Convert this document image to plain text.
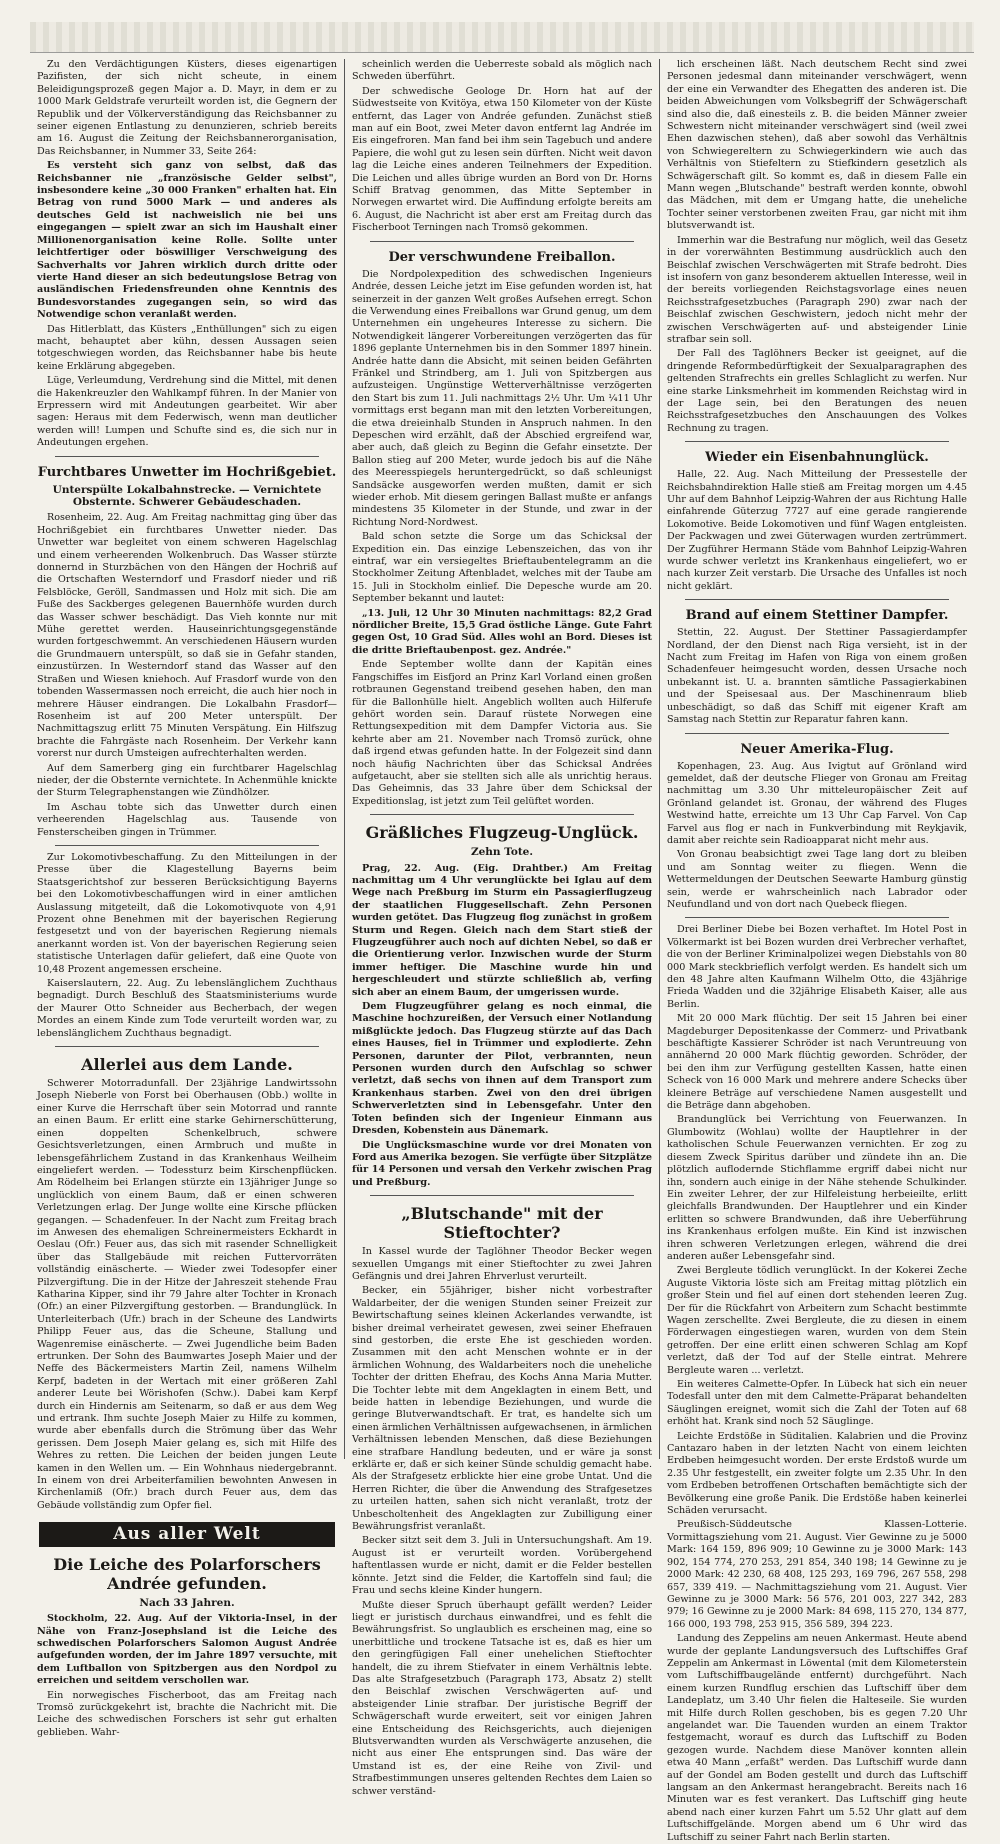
Zu den Verdächtigungen Küsters, dieses eigenartigen Pazifisten, der sich nicht scheute, in einem Beleidigungsprozeß gegen Major a. D. Mayr, in dem er zu 1000 Mark Geldstrafe verurteilt worden ist, die Gegnern der Republik und der Völkerverständigung das Reichsbanner zu seiner eigenen Entlastung zu denunzieren, schrieb bereits am 16. August die Zeitung der Reichsbannerorganisation, Das Reichsbanner, in Nummer 33, Seite 264:

Es versteht sich ganz von selbst, daß das Reichsbanner nie „französische Gelder selbst", insbesondere keine „30 000 Franken" erhalten hat. Ein Betrag von rund 5000 Mark — und anderes als deutsches Geld ist nachweislich nie bei uns eingegangen — spielt zwar an sich im Haushalt einer Millionenorganisation keine Rolle. Sollte unter leichtfertiger oder böswilliger Verschweigung des Sachverhalts vor Jahren wirklich durch dritte oder vierte Hand dieser an sich bedeutungslose Betrag von ausländischen Friedensfreunden ohne Kenntnis des Bundesvorstandes zugegangen sein, so wird das Notwendige schon veranlaßt werden.

Das Hitlerblatt, das Küsters „Enthüllungen" sich zu eigen macht, behauptet aber kühn, dessen Aussagen seien totgeschwiegen worden, das Reichsbanner habe bis heute keine Erklärung abgegeben.

Lüge, Verleumdung, Verdrehung sind die Mittel, mit denen die Hakenkreuzler den Wahlkampf führen. In der Manier von Erpressern wird mit Andeutungen gearbeitet. Wir aber sagen: Heraus mit dem Federwisch, wenn man deutlicher werden will! Lumpen und Schufte sind es, die sich nur in Andeutungen ergehen.

Furchtbares Unwetter im Hochrißgebiet.
Unterspülte Lokalbahnstrecke. — Vernichtete Obsternte. Schwerer Gebäudeschaden.

Rosenheim, 22. Aug. Am Freitag nachmittag ging über das Hochrißgebiet ein furchtbares Unwetter nieder. Das Unwetter war begleitet von einem schweren Hagelschlag und einem verheerenden Wolkenbruch. Das Wasser stürzte donnernd in Sturzbächen von den Hängen der Hochriß auf die Ortschaften Westerndorf und Frasdorf nieder und riß Felsblöcke, Geröll, Sandmassen und Holz mit sich. Die am Fuße des Sackberges gelegenen Bauernhöfe wurden durch das Wasser schwer beschädigt. Das Vieh konnte nur mit Mühe gerettet werden. Hauseinrichtungsgegenstände wurden fortgeschwemmt. An verschiedenen Häusern wurden die Grundmauern unterspült, so daß sie in Gefahr standen, einzustürzen. In Westerndorf stand das Wasser auf den Straßen und Wiesen kniehoch. Auf Frasdorf wurde von den tobenden Wassermassen noch erreicht, die auch hier noch in mehrere Häuser eindrangen. Die Lokalbahn Frasdorf—Rosenheim ist auf 200 Meter unterspült. Der Nachmittagszug erlitt 75 Minuten Verspätung. Ein Hilfszug brachte die Fahrgäste nach Rosenheim. Der Verkehr kann vorerst nur durch Umsteigen aufrechterhalten werden.

Auf dem Samerberg ging ein furchtbarer Hagelschlag nieder, der die Obsternte vernichtete. In Achenmühle knickte der Sturm Telegraphenstangen wie Zündhölzer.

Im Aschau tobte sich das Unwetter durch einen verheerenden Hagelschlag aus. Tausende von Fensterscheiben gingen in Trümmer.

Zur Lokomotivbeschaffung. Zu den Mitteilungen in der Presse über die Klagestellung Bayerns beim Staatsgerichtshof zur besseren Berücksichtigung Bayerns bei den Lokomotivbeschaffungen wird in einer amtlichen Auslassung mitgeteilt, daß die Lokomotivquote von 4,91 Prozent ohne Benehmen mit der bayerischen Regierung festgesetzt und von der bayerischen Regierung niemals anerkannt worden ist. Von der bayerischen Regierung seien statistische Unterlagen dafür geliefert, daß eine Quote von 10,48 Prozent angemessen erscheine.

Kaiserslautern, 22. Aug. Zu lebenslänglichem Zuchthaus begnadigt. Durch Beschluß des Staatsministeriums wurde der Maurer Otto Schneider aus Becherbach, der wegen Mordes an einem Kinde zum Tode verurteilt worden war, zu lebenslänglichem Zuchthaus begnadigt.

Allerlei aus dem Lande.

Schwerer Motorradunfall. Der 23jährige Landwirtssohn Joseph Nieberle von Forst bei Oberhausen (Obb.) wollte in einer Kurve die Herrschaft über sein Motorrad und rannte an einen Baum. Er erlitt eine starke Gehirnerschütterung, einen doppelten Schenkelbruch, schwere Gesichtsverletzungen, einen Armbruch und mußte in lebensgefährlichem Zustand in das Krankenhaus Weilheim eingeliefert werden. — Todessturz beim Kirschenpflücken. Am Rödelheim bei Erlangen stürzte ein 13jähriger Junge so unglücklich von einem Baum, daß er einen schweren Verletzungen erlag. Der Junge wollte eine Kirsche pflücken gegangen. — Schadenfeuer. In der Nacht zum Freitag brach im Anwesen des ehemaligen Schreinermeisters Eckhardt in Oeslau (Ofr.) Feuer aus, das sich mit rasender Schnelligkeit über das Stallgebäude mit reichen Futtervorräten vollständig einäscherte. — Wieder zwei Todesopfer einer Pilzvergiftung. Die in der Hitze der Jahreszeit stehende Frau Katharina Kipper, sind ihr 79 Jahre alter Tochter in Kronach (Ofr.) an einer Pilzvergiftung gestorben. — Brandunglück. In Unterleiterbach (Ufr.) brach in der Scheune des Landwirts Philipp Feuer aus, das die Scheune, Stallung und Wagenremise einäscherte. — Zwei Jugendliche beim Baden ertrunken. Der Sohn des Baumwartes Joseph Maier und der Neffe des Bäckermeisters Martin Zeil, namens Wilhelm Kerpf, badeten in der Wertach mit einer größeren Zahl anderer Leute bei Wörishofen (Schw.). Dabei kam Kerpf durch ein Hindernis am Seitenarm, so daß er aus dem Weg und ertrank. Ihm suchte Joseph Maier zu Hilfe zu kommen, wurde aber ebenfalls durch die Strömung über das Wehr gerissen. Dem Joseph Maier gelang es, sich mit Hilfe des Wehres zu retten. Die Leichen der beiden jungen Leute kamen in den Wellen um. — Ein Wohnhaus niedergebrannt. In einem von drei Arbeiterfamilien bewohnten Anwesen in Kirchenlamiß (Ofr.) brach durch Feuer aus, dem das Gebäude vollständig zum Opfer fiel.

Aus aller Welt
Die Leiche des Polarforschers Andrée gefunden.
Nach 33 Jahren.

Stockholm, 22. Aug. Auf der Viktoria-Insel, in der Nähe von Franz-Josephsland ist die Leiche des schwedischen Polarforschers Salomon August Andrée aufgefunden worden, der im Jahre 1897 versuchte, mit dem Luftballon von Spitzbergen aus den Nordpol zu erreichen und seitdem verschollen war.

Ein norwegisches Fischerboot, das am Freitag nach Tromsö zurückgekehrt ist, brachte die Nachricht mit. Die Leiche des schwedischen Forschers ist sehr gut erhalten geblieben. Wahr-

scheinlich werden die Ueberreste sobald als möglich nach Schweden überführt.

Der schwedische Geologe Dr. Horn hat auf der Südwestseite von Kvitöya, etwa 150 Kilometer von der Küste entfernt, das Lager von Andrée gefunden. Zunächst stieß man auf ein Boot, zwei Meter davon entfernt lag Andrée im Eis eingefroren. Man fand bei ihm sein Tagebuch und andere Papiere, die wohl gut zu lesen sein dürften. Nicht weit davon lag die Leiche eines anderen Teilnehmers der Expedition. Die Leichen und alles übrige wurden an Bord von Dr. Horns Schiff Bratvag genommen, das Mitte September in Norwegen erwartet wird. Die Auffindung erfolgte bereits am 6. August, die Nachricht ist aber erst am Freitag durch das Fischerboot Terningen nach Tromsö gekommen.

Der verschwundene Freiballon.

Die Nordpolexpedition des schwedischen Ingenieurs Andrée, dessen Leiche jetzt im Eise gefunden worden ist, hat seinerzeit in der ganzen Welt großes Aufsehen erregt. Schon die Verwendung eines Freiballons war Grund genug, um dem Unternehmen ein ungeheures Interesse zu sichern. Die Notwendigkeit längerer Vorbereitungen verzögerten das für 1896 geplante Unternehmen bis in den Sommer 1897 hinein. Andrée hatte dann die Absicht, mit seinen beiden Gefährten Fränkel und Strindberg, am 1. Juli von Spitzbergen aus aufzusteigen. Ungünstige Wetterverhältnisse verzögerten den Start bis zum 11. Juli nachmittags 2½ Uhr. Um ¼11 Uhr vormittags erst begann man mit den letzten Vorbereitungen, die etwa dreieinhalb Stunden in Anspruch nahmen. In den Depeschen wird erzählt, daß der Abschied ergreifend war, aber auch, daß gleich zu Beginn die Gefahr einsetzte. Der Ballon stieg auf 200 Meter, wurde jedoch bis auf die Nähe des Meeresspiegels heruntergedrückt, so daß schleunigst Sandsäcke ausgeworfen werden mußten, damit er sich wieder erhob. Mit diesem geringen Ballast mußte er anfangs mindestens 35 Kilometer in der Stunde, und zwar in der Richtung Nord-Nordwest.

Bald schon setzte die Sorge um das Schicksal der Expedition ein. Das einzige Lebenszeichen, das von ihr eintraf, war ein versiegeltes Brieftaubentelegramm an die Stockholmer Zeitung Aftenbladet, welches mit der Taube am 15. Juli in Stockholm einlief. Die Depesche wurde am 20. September bekannt und lautet:

„13. Juli, 12 Uhr 30 Minuten nachmittags: 82,2 Grad nördlicher Breite, 15,5 Grad östliche Länge. Gute Fahrt gegen Ost, 10 Grad Süd. Alles wohl an Bord. Dieses ist die dritte Brieftaubenpost. gez. Andrée."

Ende September wollte dann der Kapitän eines Fangschiffes im Eisfjord an Prinz Karl Vorland einen großen rotbraunen Gegenstand treibend gesehen haben, den man für die Ballonhülle hielt. Angeblich wollten auch Hilferufe gehört worden sein. Darauf rüstete Norwegen eine Rettungsexpedition mit dem Dampfer Victoria aus. Sie kehrte aber am 21. November nach Tromsö zurück, ohne daß irgend etwas gefunden hatte. In der Folgezeit sind dann noch häufig Nachrichten über das Schicksal Andrées aufgetaucht, aber sie stellten sich alle als unrichtig heraus. Das Geheimnis, das 33 Jahre über dem Schicksal der Expeditionslag, ist jetzt zum Teil gelüftet worden.

Gräßliches Flugzeug-Unglück.
Zehn Tote.

Prag, 22. Aug. (Eig. Drahtber.) Am Freitag nachmittag um 4 Uhr verunglückte bei Iglau auf dem Wege nach Preßburg im Sturm ein Passagierflugzeug der staatlichen Fluggesellschaft. Zehn Personen wurden getötet. Das Flugzeug flog zunächst in großem Sturm und Regen. Gleich nach dem Start stieß der Flugzeugführer auch noch auf dichten Nebel, so daß er die Orientierung verlor. Inzwischen wurde der Sturm immer heftiger. Die Maschine wurde hin und hergeschleudert und stürzte schließlich ab, verfing sich aber an einem Baum, der umgerissen wurde.

Dem Flugzeugführer gelang es noch einmal, die Maschine hochzureißen, der Versuch einer Notlandung mißglückte jedoch. Das Flugzeug stürzte auf das Dach eines Hauses, fiel in Trümmer und explodierte. Zehn Personen, darunter der Pilot, verbrannten, neun Personen wurden durch den Aufschlag so schwer verletzt, daß sechs von ihnen auf dem Transport zum Krankenhaus starben. Zwei von den drei übrigen Schwerverletzten sind in Lebensgefahr. Unter den Toten befinden sich der Ingenieur Einmann aus Dresden, Kobenstein aus Dänemark.

Die Unglücksmaschine wurde vor drei Monaten von Ford aus Amerika bezogen. Sie verfügte über Sitzplätze für 14 Personen und versah den Verkehr zwischen Prag und Preßburg.

„Blutschande" mit der Stieftochter?

In Kassel wurde der Taglöhner Theodor Becker wegen sexuellen Umgangs mit einer Stieftochter zu zwei Jahren Gefängnis und drei Jahren Ehrverlust verurteilt.

Becker, ein 55jähriger, bisher nicht vorbestrafter Waldarbeiter, der die wenigen Stunden seiner Freizeit zur Bewirtschaftung seines kleinen Ackerlandes verwandte, ist bisher dreimal verheiratet gewesen, zwei seiner Ehefrauen sind gestorben, die erste Ehe ist geschieden worden. Zusammen mit den acht Menschen wohnte er in der ärmlichen Wohnung, des Waldarbeiters noch die uneheliche Tochter der dritten Ehefrau, des Kochs Anna Maria Mutter. Die Tochter lebte mit dem Angeklagten in einem Bett, und beide hatten in lebendige Beziehungen, und wurde die geringe Blutverwandtschaft. Er trat, es handelte sich um einen ärmlichen Verhältnissen aufgewachsenen, in ärmlichen Verhältnissen lebenden Menschen, daß diese Beziehungen eine strafbare Handlung bedeuten, und er wäre ja sonst erklärte er, daß er sich keiner Sünde schuldig gemacht habe. Als der Strafgesetz erblickte hier eine grobe Untat. Und die Herren Richter, die über die Anwendung des Strafgesetzes zu urteilen hatten, sahen sich nicht veranlaßt, trotz der Unbescholtenheit des Angeklagten zur Zubilligung einer Bewährungsfrist veranlaßt.

Becker sitzt seit dem 3. Juli in Untersuchungshaft. Am 19. August ist er verurteilt worden. Vorübergehend haftentlassen wurde er nicht, damit er die Felder bestellen könnte. Jetzt sind die Felder, die Kartoffeln sind faul; die Frau und sechs kleine Kinder hungern.

Mußte dieser Spruch überhaupt gefällt werden? Leider liegt er juristisch durchaus einwandfrei, und es fehlt die Bewährungsfrist. So unglaublich es erscheinen mag, eine so unerbittliche und trockene Tatsache ist es, daß es hier um den geringfügigen Fall einer unehelichen Stieftochter handelt, die zu ihrem Stiefvater in einem Verhältnis lebte. Das alte Strafgesetzbuch (Paragraph 173, Absatz 2) stellt den Beischlaf zwischen Verschwägerten auf- und absteigender Linie strafbar. Der juristische Begriff der Schwägerschaft wurde erweitert, seit vor einigen Jahren eine Entscheidung des Reichsgerichts, auch diejenigen Blutsverwandten wurden als Verschwägerte anzusehen, die nicht aus einer Ehe entsprungen sind. Das wäre der Umstand ist es, der eine Reihe von Zivil- und Strafbestimmungen unseres geltenden Rechtes dem Laien so schwer verständ-

lich erscheinen läßt. Nach deutschem Recht sind zwei Personen jedesmal dann miteinander verschwägert, wenn der eine ein Verwandter des Ehegatten des anderen ist. Die beiden Abweichungen vom Volksbegriff der Schwägerschaft sind also die, daß einesteils z. B. die beiden Männer zweier Schwestern nicht miteinander verschwägert sind (weil zwei Ehen dazwischen stehen), daß aber sowohl das Verhältnis von Schwiegereltern zu Schwiegerkindern wie auch das Verhältnis von Stiefeltern zu Stiefkindern gesetzlich als Schwägerschaft gilt. So kommt es, daß in diesem Falle ein Mann wegen „Blutschande" bestraft werden konnte, obwohl das Mädchen, mit dem er Umgang hatte, die uneheliche Tochter seiner verstorbenen zweiten Frau, gar nicht mit ihm blutsverwandt ist.

Immerhin war die Bestrafung nur möglich, weil das Gesetz in der vorerwähnten Bestimmung ausdrücklich auch den Beischlaf zwischen Verschwägerten mit Strafe bedroht. Dies ist insofern von ganz besonderem aktuellen Interesse, weil in der bereits vorliegenden Reichstagsvorlage eines neuen Reichsstrafgesetzbuches (Paragraph 290) zwar nach der Beischlaf zwischen Geschwistern, jedoch nicht mehr der zwischen Verschwägerten auf- und absteigender Linie strafbar sein soll.

Der Fall des Taglöhners Becker ist geeignet, auf die dringende Reformbedürftigkeit der Sexualparagraphen des geltenden Strafrechts ein grelles Schlaglicht zu werfen. Nur eine starke Linksmehrheit im kommenden Reichstag wird in der Lage sein, bei den Beratungen des neuen Reichsstrafgesetzbuches den Anschauungen des Volkes Rechnung zu tragen.

Wieder ein Eisenbahnunglück.

Halle, 22. Aug. Nach Mitteilung der Pressestelle der Reichsbahndirektion Halle stieß am Freitag morgen um 4.45 Uhr auf dem Bahnhof Leipzig-Wahren der aus Richtung Halle einfahrende Güterzug 7727 auf eine gerade rangierende Lokomotive. Beide Lokomotiven und fünf Wagen entgleisten. Der Packwagen und zwei Güterwagen wurden zertrümmert. Der Zugführer Hermann Städe vom Bahnhof Leipzig-Wahren wurde schwer verletzt ins Krankenhaus eingeliefert, wo er nach kurzer Zeit verstarb. Die Ursache des Unfalles ist noch nicht geklärt.

Brand auf einem Stettiner Dampfer.

Stettin, 22. August. Der Stettiner Passagierdampfer Nordland, der den Dienst nach Riga versieht, ist in der Nacht zum Freitag im Hafen von Riga von einem großen Schadenfeuer heimgesucht worden, dessen Ursache noch unbekannt ist. U. a. brannten sämtliche Passagierkabinen und der Speisesaal aus. Der Maschinenraum blieb unbeschädigt, so daß das Schiff mit eigener Kraft am Samstag nach Stettin zur Reparatur fahren kann.

Neuer Amerika-Flug.

Kopenhagen, 23. Aug. Aus Ivigtut auf Grönland wird gemeldet, daß der deutsche Flieger von Gronau am Freitag nachmittag um 3.30 Uhr mitteleuropäischer Zeit auf Grönland gelandet ist. Gronau, der während des Fluges Westwind hatte, erreichte um 13 Uhr Cap Farvel. Von Cap Farvel aus flog er nach in Funkverbindung mit Reykjavik, damit aber reichte sein Radioapparat nicht mehr aus.

Von Gronau beabsichtigt zwei Tage lang dort zu bleiben und am Sonntag weiter zu fliegen. Wenn die Wettermeldungen der Deutschen Seewarte Hamburg günstig sein, werde er wahrscheinlich nach Labrador oder Neufundland und von dort nach Quebeck fliegen.

Drei Berliner Diebe bei Bozen verhaftet. Im Hotel Post in Völkermarkt ist bei Bozen wurden drei Verbrecher verhaftet, die von der Berliner Kriminalpolizei wegen Diebstahls von 80 000 Mark steckbrieflich verfolgt werden. Es handelt sich um den 48 Jahre alten Kaufmann Wilhelm Otto, die 43jährige Frieda Wadden und die 32jährige Elisabeth Kaiser, alle aus Berlin.

Mit 20 000 Mark flüchtig. Der seit 15 Jahren bei einer Magdeburger Depositenkasse der Commerz- und Privatbank beschäftigte Kassierer Schröder ist nach Veruntreuung von annähernd 20 000 Mark flüchtig geworden. Schröder, der bei den ihm zur Verfügung gestellten Kassen, hatte einen Scheck von 16 000 Mark und mehrere andere Schecks über kleinere Beträge auf verschiedene Namen ausgestellt und die Beträge dann abgehoben.

Brandunglück bei Verrichtung von Feuerwanzen. In Glumbowitz (Wohlau) wollte der Hauptlehrer in der katholischen Schule Feuerwanzen vernichten. Er zog zu diesem Zweck Spiritus darüber und zündete ihn an. Die plötzlich auflodernde Stichflamme ergriff dabei nicht nur ihn, sondern auch einige in der Nähe stehende Schulkinder. Ein zweiter Lehrer, der zur Hilfeleistung herbeieilte, erlitt gleichfalls Brandwunden. Der Hauptlehrer und ein Kinder erlitten so schwere Brandwunden, daß ihre Ueberführung ins Krankenhaus erfolgen mußte. Ein Kind ist inzwischen ihren schweren Verletzungen erlegen, während die drei anderen außer Lebensgefahr sind.

Zwei Bergleute tödlich verunglückt. In der Kokerei Zeche Auguste Viktoria löste sich am Freitag mittag plötzlich ein großer Stein und fiel auf einen dort stehenden leeren Zug. Der für die Rückfahrt von Arbeitern zum Schacht bestimmte Wagen zerschellte. Zwei Bergleute, die zu diesen in einem Förderwagen eingestiegen waren, wurden von dem Stein getroffen. Der eine erlitt einen schweren Schlag am Kopf verletzt, daß der Tod auf der Stelle eintrat. Mehrere Bergleute waren ... verletzt.

Ein weiteres Calmette-Opfer. In Lübeck hat sich ein neuer Todesfall unter den mit dem Calmette-Präparat behandelten Säuglingen ereignet, womit sich die Zahl der Toten auf 68 erhöht hat. Krank sind noch 52 Säuglinge.

Leichte Erdstöße in Süditalien. Kalabrien und die Provinz Cantazaro haben in der letzten Nacht von einem leichten Erdbeben heimgesucht worden. Der erste Erdstoß wurde um 2.35 Uhr festgestellt, ein zweiter folgte um 2.35 Uhr. In den vom Erdbeben betroffenen Ortschaften bemächtigte sich der Bevölkerung eine große Panik. Die Erdstöße haben keinerlei Schäden verursacht.

Preußisch-Süddeutsche Klassen-Lotterie. Vormittagsziehung vom 21. August. Vier Gewinne zu je 5000 Mark: 164 159, 896 909; 10 Gewinne zu je 3000 Mark: 143 902, 154 774, 270 253, 291 854, 340 198; 14 Gewinne zu je 2000 Mark: 42 230, 68 408, 125 293, 169 796, 267 558, 298 657, 339 419. — Nachmittagsziehung vom 21. August. Vier Gewinne zu je 3000 Mark: 56 576, 201 003, 227 342, 283 979; 16 Gewinne zu je 2000 Mark: 84 698, 115 270, 134 877, 166 000, 193 798, 253 915, 356 589, 394 223.

Landung des Zeppelins am neuen Ankermast. Heute abend wurde der geplante Landungsversuch des Luftschiffes Graf Zeppelin am Ankermast in Löwental (mit dem Kilometerstein vom Luftschiffbaugelände entfernt) durchgeführt. Nach einem kurzen Rundflug erschien das Luftschiff über dem Landeplatz, um 3.40 Uhr fielen die Halteseile. Sie wurden mit Hilfe durch Rollen geschoben, bis es gegen 7.20 Uhr angelandet war. Die Tauenden wurden an einem Traktor festgemacht, worauf es durch das Luftschiff zu Boden gezogen wurde. Nachdem diese Manöver konnten allein etwa 40 Mann „erfaßt" werden. Das Luftschiff wurde dann auf der Gondel am Boden gestellt und durch das Luftschiff langsam an den Ankermast herangebracht. Bereits nach 16 Minuten war es fest verankert. Das Luftschiff ging heute abend nach einer kurzen Fahrt um 5.52 Uhr glatt auf dem Luftschiffgelände. Morgen abend um 6 Uhr wird das Luftschiff zu seiner Fahrt nach Berlin starten.
